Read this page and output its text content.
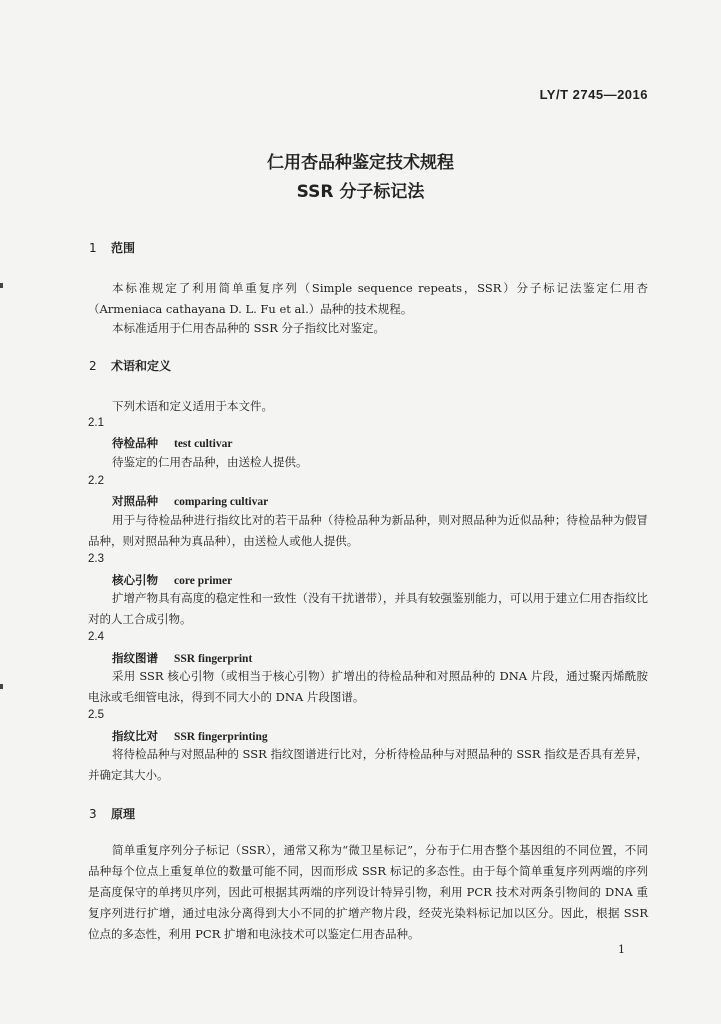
LY/T 2745—2016
仁用杏品种鉴定技术规程
SSR 分子标记法
1 范围
本标准规定了利用简单重复序列（Simple sequence repeats，SSR）分子标记法鉴定仁用杏（Armeniaca cathayana D. L. Fu et al.）品种的技术规程。
本标准适用于仁用杏品种的 SSR 分子指纹比对鉴定。
2 术语和定义
下列术语和定义适用于本文件。
2.1
待检品种 test cultivar
待鉴定的仁用杏品种，由送检人提供。
2.2
对照品种 comparing cultivar
用于与待检品种进行指纹比对的若干品种（待检品种为新品种，则对照品种为近似品种；待检品种为假冒品种，则对照品种为真品种），由送检人或他人提供。
2.3
核心引物 core primer
扩增产物具有高度的稳定性和一致性（没有干扰谱带），并具有较强鉴别能力，可以用于建立仁用杏指纹比对的人工合成引物。
2.4
指纹图谱 SSR fingerprint
采用 SSR 核心引物（或相当于核心引物）扩增出的待检品种和对照品种的 DNA 片段，通过聚丙烯酰胺电泳或毛细管电泳，得到不同大小的 DNA 片段图谱。
2.5
指纹比对 SSR fingerprinting
将待检品种与对照品种的 SSR 指纹图谱进行比对，分析待检品种与对照品种的 SSR 指纹是否具有差异，并确定其大小。
3 原理
简单重复序列分子标记（SSR），通常又称为“微卫星标记”，分布于仁用杏整个基因组的不同位置，不同品种每个位点上重复单位的数量可能不同，因而形成 SSR 标记的多态性。由于每个简单重复序列两端的序列是高度保守的单拷贝序列，因此可根据其两端的序列设计特异引物，利用 PCR 技术对两条引物间的 DNA 重复序列进行扩增，通过电泳分离得到大小不同的扩增产物片段，经荧光染料标记加以区分。因此，根据 SSR 位点的多态性，利用 PCR 扩增和电泳技术可以鉴定仁用杏品种。
1
